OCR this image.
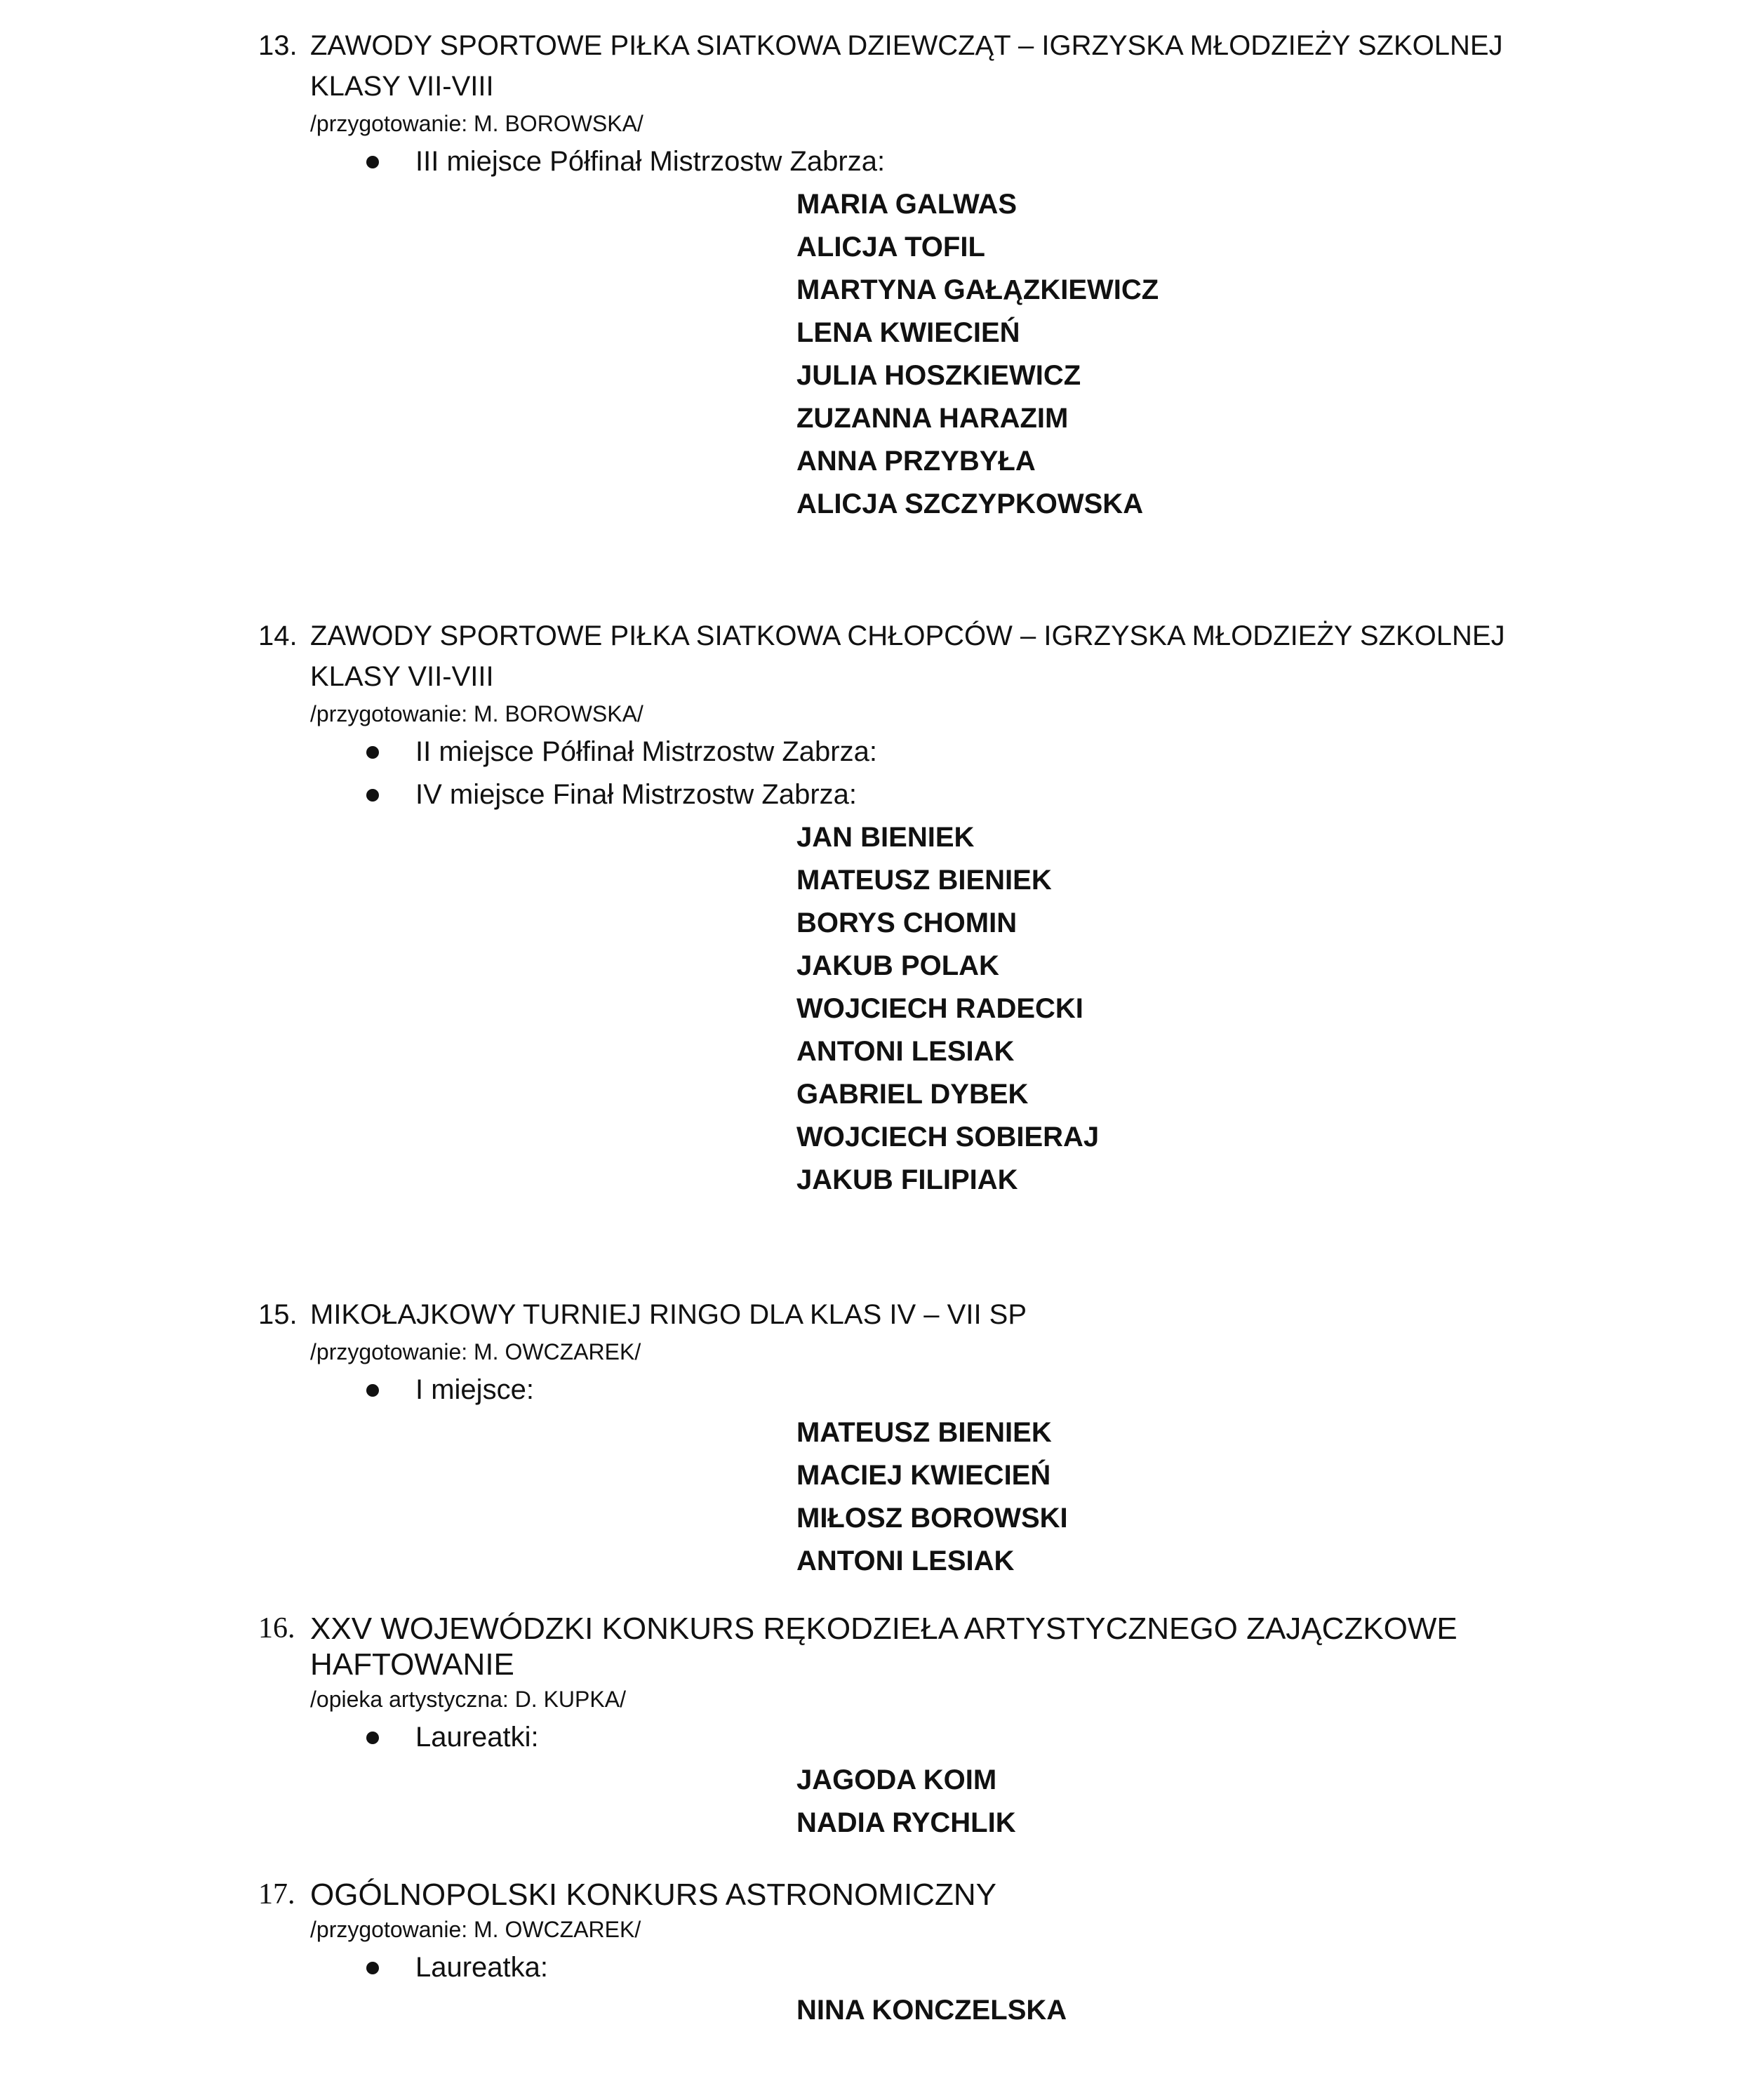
13. ZAWODY SPORTOWE PIŁKA SIATKOWA DZIEWCZĄT – IGRZYSKA MŁODZIEŻY SZKOLNEJ KLASY VII-VIII
/przygotowanie: M. BOROWSKA/
III miejsce Półfinał Mistrzostw Zabrza:
MARIA GALWAS
ALICJA TOFIL
MARTYNA GAŁĄZKIEWICZ
LENA KWIECIEŃ
JULIA HOSZKIEWICZ
ZUZANNA HARAZIM
ANNA PRZYBYŁA
ALICJA SZCZYPKOWSKA
14. ZAWODY SPORTOWE PIŁKA SIATKOWA CHŁOPCÓW – IGRZYSKA MŁODZIEŻY SZKOLNEJ KLASY VII-VIII
/przygotowanie: M. BOROWSKA/
II miejsce Półfinał Mistrzostw Zabrza:
IV miejsce Finał Mistrzostw Zabrza:
JAN BIENIEK
MATEUSZ BIENIEK
BORYS CHOMIN
JAKUB POLAK
WOJCIECH RADECKI
ANTONI LESIAK
GABRIEL DYBEK
WOJCIECH SOBIERAJ
JAKUB FILIPIAK
15. MIKOŁAJKOWY TURNIEJ RINGO DLA KLAS IV – VII SP
/przygotowanie: M. OWCZAREK/
I miejsce:
MATEUSZ BIENIEK
MACIEJ KWIECIEŃ
MIŁOSZ BOROWSKI
ANTONI LESIAK
16. XXV WOJEWÓDZKI KONKURS RĘKODZIEŁA ARTYSTYCZNEGO ZAJĄCZKOWE HAFTOWANIE
/opieka artystyczna: D. KUPKA/
Laureatki:
JAGODA KOIM
NADIA RYCHLIK
17. OGÓLNOPOLSKI KONKURS ASTRONOMICZNY
/przygotowanie: M. OWCZAREK/
Laureatka:
NINA KONCZELSKA
